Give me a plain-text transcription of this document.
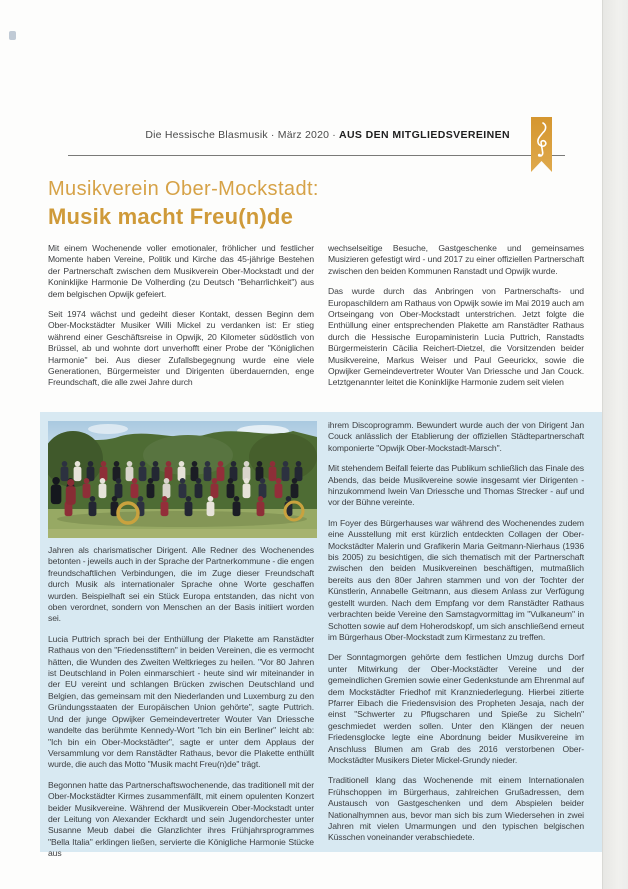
Die Hessische Blasmusik · März 2020 · AUS DEN MITGLIEDSVEREINEN
Musikverein Ober-Mockstadt:
Musik macht Freu(n)de

Mit einem Wochenende voller emotionaler, fröhlicher und festlicher Momente haben Vereine, Politik und Kirche das 45-jährige Bestehen der Partnerschaft zwischen dem Musikverein Ober-Mockstadt und der Koninklijke Harmonie De Volherding (zu Deutsch "Beharrlichkeit") aus dem belgischen Opwijk gefeiert.

Seit 1974 wächst und gedeiht dieser Kontakt, dessen Beginn dem Ober-Mockstädter Musiker Willi Mickel zu verdanken ist: Er stieg während einer Geschäftsreise in Opwijk, 20 Kilometer südöstlich von Brüssel, ab und wohnte dort unverhofft einer Probe der "Königlichen Harmonie" bei. Aus dieser Zufallsbegegnung wurde eine viele Generationen, Bürgermeister und Dirigenten überdauernden, enge Freundschaft, die alle zwei Jahre durch

wechselseitige Besuche, Gastgeschenke und gemeinsames Musizieren gefestigt wird - und 2017 zu einer offiziellen Partnerschaft zwischen den beiden Kommunen Ranstadt und Opwijk wurde.

Das wurde durch das Anbringen von Partnerschafts- und Europaschildern am Rathaus von Opwijk sowie im Mai 2019 auch am Ortseingang von Ober-Mockstadt unterstrichen. Jetzt folgte die Enthüllung einer entsprechenden Plakette am Ranstädter Rathaus durch die Hessische Europaministerin Lucia Puttrich, Ranstadts Bürgermeisterin Cäcilia Reichert-Dietzel, die Vorsitzenden beider Musikvereine, Markus Weiser und Paul Geeurickx, sowie die Opwijker Gemeindevertreter Wouter Van Driessche und Jan Couck. Letztgenannter leitet die Koninklijke Harmonie zudem seit vielen

Jahren als charismatischer Dirigent. Alle Redner des Wochenendes betonten - jeweils auch in der Sprache der Partnerkommune - die engen freundschaftlichen Verbindungen, die im Zuge dieser Freundschaft durch Musik als internationaler Sprache ohne Worte geschaffen wurden. Beispielhaft sei ein Stück Europa entstanden, das nicht von oben verordnet, sondern von Menschen an der Basis initiiert worden sei.

Lucia Puttrich sprach bei der Enthüllung der Plakette am Ranstädter Rathaus von den "Friedensstiftern" in beiden Vereinen, die es vermocht hätten, die Wunden des Zweiten Weltkrieges zu heilen. "Vor 80 Jahren ist Deutschland in Polen einmarschiert - heute sind wir miteinander in der EU vereint und schlangen Brücken zwischen Deutschland und Belgien, das gemeinsam mit den Niederlanden und Luxemburg zu den Gründungsstaaten der Europäischen Union gehörte", sagte Puttrich. Und der junge Opwijker Gemeindevertreter Wouter Van Driessche wandelte das berühmte Kennedy-Wort "Ich bin ein Berliner" leicht ab: "Ich bin ein Ober-Mockstädter", sagte er unter dem Applaus der Versammlung vor dem Ranstädter Rathaus, bevor die Plakette enthüllt wurde, die auch das Motto "Musik macht Freu(n)de" trägt.

Begonnen hatte das Partnerschaftswochenende, das traditionell mit der Ober-Mockstädter Kirmes zusammenfällt, mit einem opulenten Konzert beider Musikvereine. Während der Musikverein Ober-Mockstadt unter der Leitung von Alexander Eckhardt und sein Jugendorchester unter Susanne Meub dabei die Glanzlichter ihres Frühjahrsprogrammes "Bella Italia" erklingen ließen, servierte die Königliche Harmonie Stücke aus

ihrem Discoprogramm. Bewundert wurde auch der von Dirigent Jan Couck anlässlich der Etablierung der offiziellen Städtepartnerschaft komponierte "Opwijk Ober-Mockstadt-Marsch".

Mit stehendem Beifall feierte das Publikum schließlich das Finale des Abends, das beide Musikvereine sowie insgesamt vier Dirigenten - hinzukommend Iwein Van Driessche und Thomas Strecker - auf und vor der Bühne vereinte.

Im Foyer des Bürgerhauses war während des Wochenendes zudem eine Ausstellung mit erst kürzlich entdeckten Collagen der Ober-Mockstädter Malerin und Grafikerin Maria Geitmann-Nierhaus (1936 bis 2005) zu besichtigen, die sich thematisch mit der Partnerschaft zwischen den beiden Musikvereinen beschäftigen, mutmaßlich bereits aus den 80er Jahren stammen und von der Tochter der Künstlerin, Annabelle Geitmann, aus diesem Anlass zur Verfügung gestellt wurden. Nach dem Empfang vor dem Ranstädter Rathaus verbrachten beide Vereine den Samstagvormittag im "Vulkaneum" in Schotten sowie auf dem Hoherodskopf, um sich anschließend erneut im Bürgerhaus Ober-Mockstadt zum Kirmestanz zu treffen.

Der Sonntagmorgen gehörte dem festlichen Umzug durchs Dorf unter Mitwirkung der Ober-Mockstädter Vereine und der gemeindlichen Gremien sowie einer Gedenkstunde am Ehrenmal auf dem Mockstädter Friedhof mit Kranzniederlegung. Hierbei zitierte Pfarrer Eibach die Friedensvision des Propheten Jesaja, nach der einst "Schwerter zu Pflugscharen und Spieße zu Sicheln" geschmiedet werden sollen. Unter den Klängen der neuen Friedensglocke legte eine Abordnung beider Musikvereine im Anschluss Blumen am Grab des 2016 verstorbenen Ober-Mockstädter Musikers Dieter Mickel-Grundy nieder.

Traditionell klang das Wochenende mit einem Internationalen Frühschoppen im Bürgerhaus, zahlreichen Grußadressen, dem Austausch von Gastgeschenken und dem Abspielen beider Nationalhymnen aus, bevor man sich bis zum Wiedersehen in zwei Jahren mit vielen Umarmungen und den typischen belgischen Küsschen voneinander verabschiedete.
